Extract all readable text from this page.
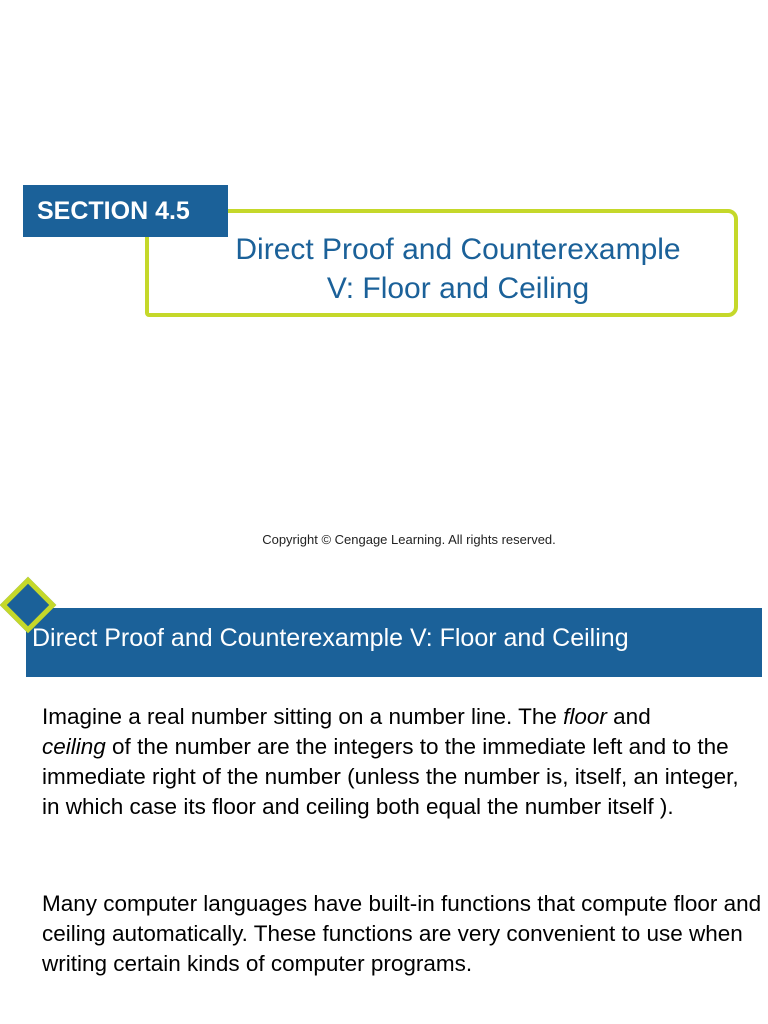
SECTION 4.5
Direct Proof and Counterexample
V: Floor and Ceiling
Copyright © Cengage Learning. All rights reserved.
Direct Proof and Counterexample V: Floor and Ceiling

Imagine a real number sitting on a number line. The floor and
ceiling of the number are the integers to the immediate left and to the immediate right of the number (unless the number is, itself, an integer, in which case its floor and ceiling both equal the number itself ).

Many computer languages have built-in functions that compute floor and ceiling automatically. These functions are very convenient to use when writing certain kinds of computer programs.
